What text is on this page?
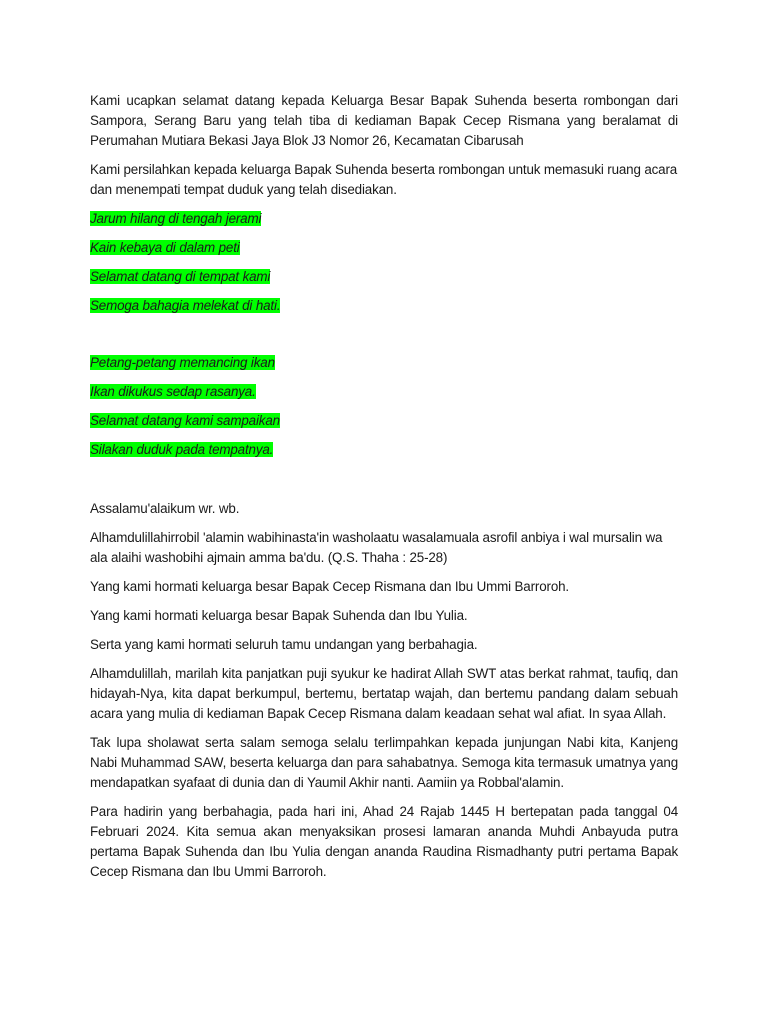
Kami ucapkan selamat datang kepada Keluarga Besar Bapak Suhenda beserta rombongan dari Sampora, Serang Baru yang telah tiba di kediaman Bapak Cecep Rismana yang beralamat di Perumahan Mutiara Bekasi Jaya Blok J3 Nomor 26, Kecamatan Cibarusah

Kami persilahkan kepada keluarga Bapak Suhenda beserta rombongan untuk memasuki ruang acara dan menempati tempat duduk yang telah disediakan.

Jarum hilang di tengah jerami

Kain kebaya di dalam peti

Selamat datang di tempat kami

Semoga bahagia melekat di hati.

Petang-petang memancing ikan

Ikan dikukus sedap rasanya.

Selamat datang kami sampaikan

Silakan duduk pada tempatnya.

Assalamu'alaikum wr. wb.

Alhamdulillahirrobil 'alamin wabihinasta'in washolaatu wasalamuala asrofil anbiya i wal mursalin wa ala alaihi washobihi ajmain amma ba'du. (Q.S. Thaha : 25-28)

Yang kami hormati keluarga besar Bapak Cecep Rismana dan Ibu Ummi Barroroh.

Yang kami hormati keluarga besar Bapak Suhenda dan Ibu Yulia.

Serta yang kami hormati seluruh tamu undangan yang berbahagia.

Alhamdulillah, marilah kita panjatkan puji syukur ke hadirat Allah SWT atas berkat rahmat, taufiq, dan hidayah-Nya, kita dapat berkumpul, bertemu, bertatap wajah, dan bertemu pandang dalam sebuah acara yang mulia di kediaman Bapak Cecep Rismana dalam keadaan sehat wal afiat. In syaa Allah.

Tak lupa sholawat serta salam semoga selalu terlimpahkan kepada junjungan Nabi kita, Kanjeng Nabi Muhammad SAW, beserta keluarga dan para sahabatnya. Semoga kita termasuk umatnya yang mendapatkan syafaat di dunia dan di Yaumil Akhir nanti. Aamiin ya Robbal'alamin.

Para hadirin yang berbahagia, pada hari ini, Ahad 24 Rajab 1445 H bertepatan pada tanggal 04 Februari 2024. Kita semua akan menyaksikan prosesi lamaran ananda Muhdi Anbayuda putra pertama Bapak Suhenda dan Ibu Yulia dengan ananda Raudina Rismadhanty putri pertama Bapak Cecep Rismana dan Ibu Ummi Barroroh.
